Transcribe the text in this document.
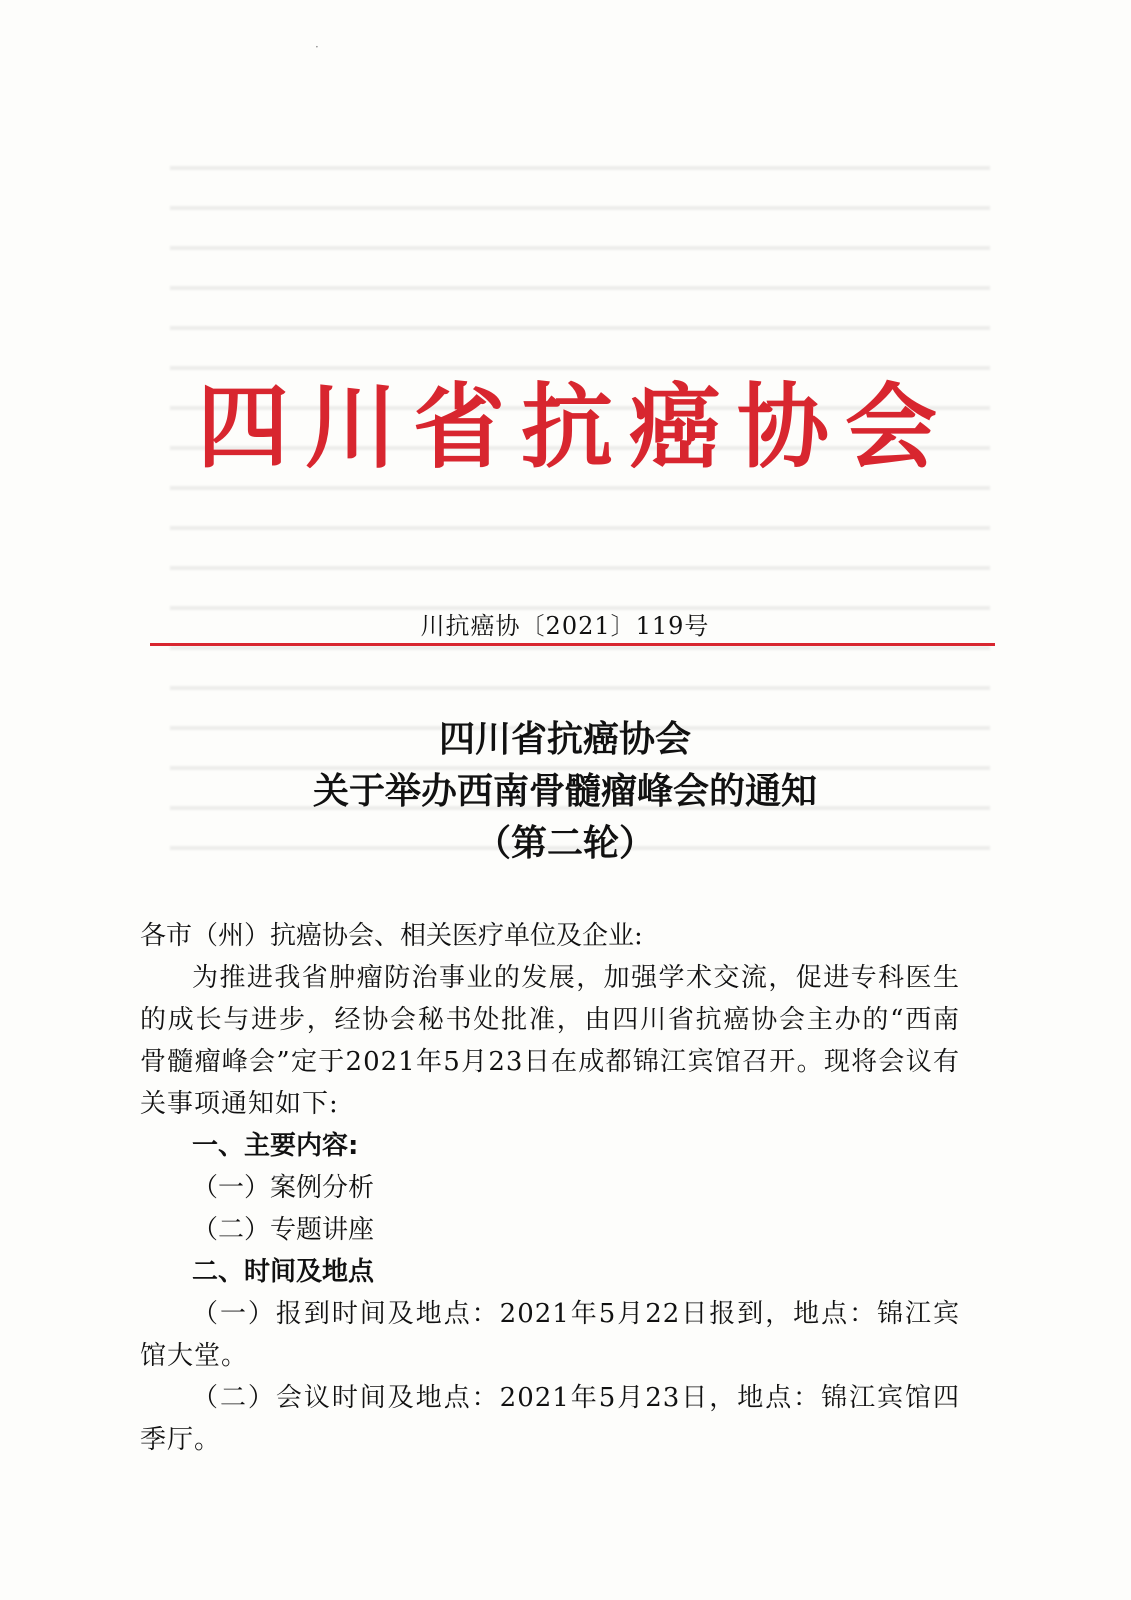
·
四川省抗癌协会
川抗癌协〔2021〕119号
四川省抗癌协会
关于举办西南骨髓瘤峰会的通知
（第二轮）

各市（州）抗癌协会、相关医疗单位及企业:

为推进我省肿瘤防治事业的发展，加强学术交流，促进专科医生的成长与进步，经协会秘书处批准，由四川省抗癌协会主办的“西南骨髓瘤峰会”定于2021年5月23日在成都锦江宾馆召开。现将会议有关事项通知如下:

一、主要内容:

（一）案例分析

（二）专题讲座

二、时间及地点

（一）报到时间及地点：2021年5月22日报到，地点：锦江宾馆大堂。

（二）会议时间及地点：2021年5月23日，地点：锦江宾馆四季厅。
